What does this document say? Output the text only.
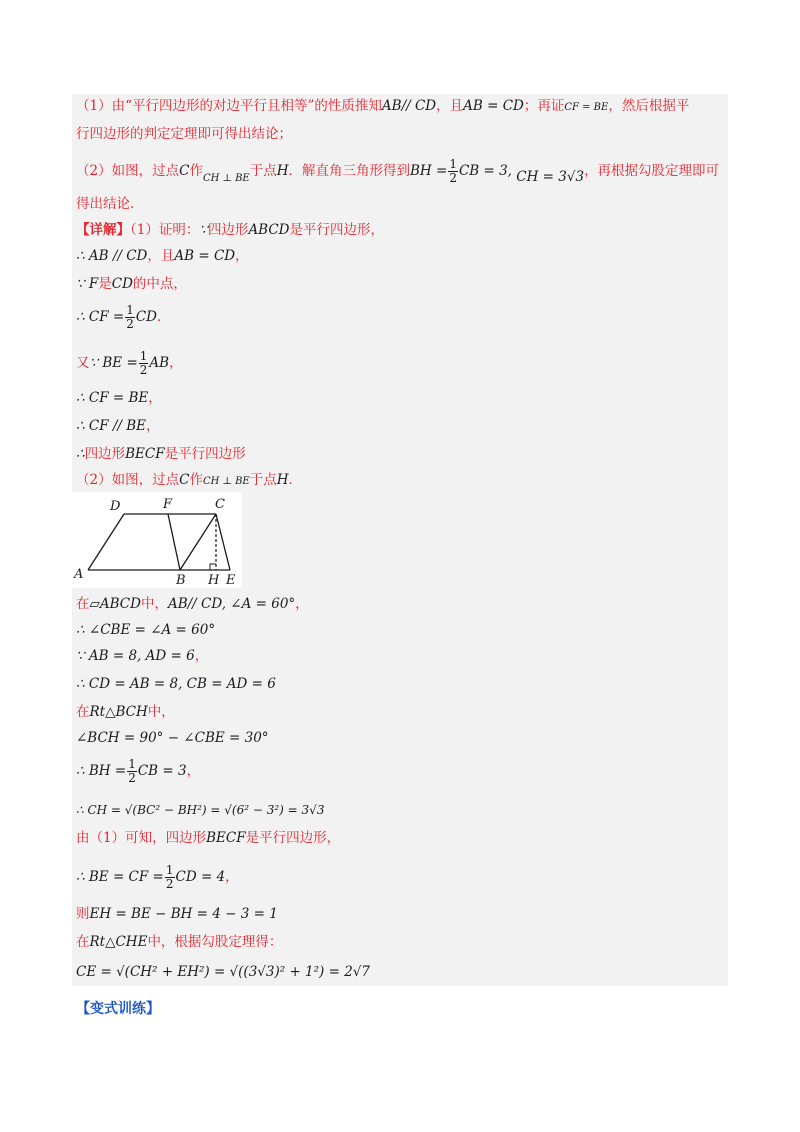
（1）由“平行四边形的对边平行且相等”的性质推知AB// CD，且AB = CD；再证CF = BE，然后根据平
行四边形的判定定理即可得出结论；
（2）如图，过点C作$_{CH \perp BE}$于点H．解直角三角形得到BH = $\frac{1}{2}$ CB = 3, CH = 3√3，再根据勾股定理即可
得出结论．
【详解】（1）证明：∵四边形ABCD是平行四边形，
∴ AB // CD，且AB = CD，
∵ F是CD的中点，
∴ CF = $\frac{1}{2}$ CD．
又∵ BE = $\frac{1}{2}$ AB，
∴ CF = BE，
∴ CF // BE，
∴四边形BECF是平行四边形
（2）如图，过点C作CH ⊥ BE于点H．
D	F	C
A	B H E
在▱ABCD中，AB// CD, ∠A = 60°，
∴ ∠CBE = ∠A = 60°
∵ AB = 8, AD = 6，
∴ CD = AB = 8, CB = AD = 6
在Rt△BCH中，
∠BCH = 90° − ∠CBE = 30°
∴ BH = $\frac{1}{2}$ CB = 3，
∴ CH = √(BC² − BH²) = √(6² − 3²) = 3√3
由（1）可知，四边形BECF是平行四边形，
∴ BE = CF = $\frac{1}{2}$ CD = 4，
则EH = BE − BH = 4 − 3 = 1
在Rt△CHE中，根据勾股定理得：
CE = √(CH² + EH²) = √((3√3)² + 1²) = 2√7
【变式训练】
